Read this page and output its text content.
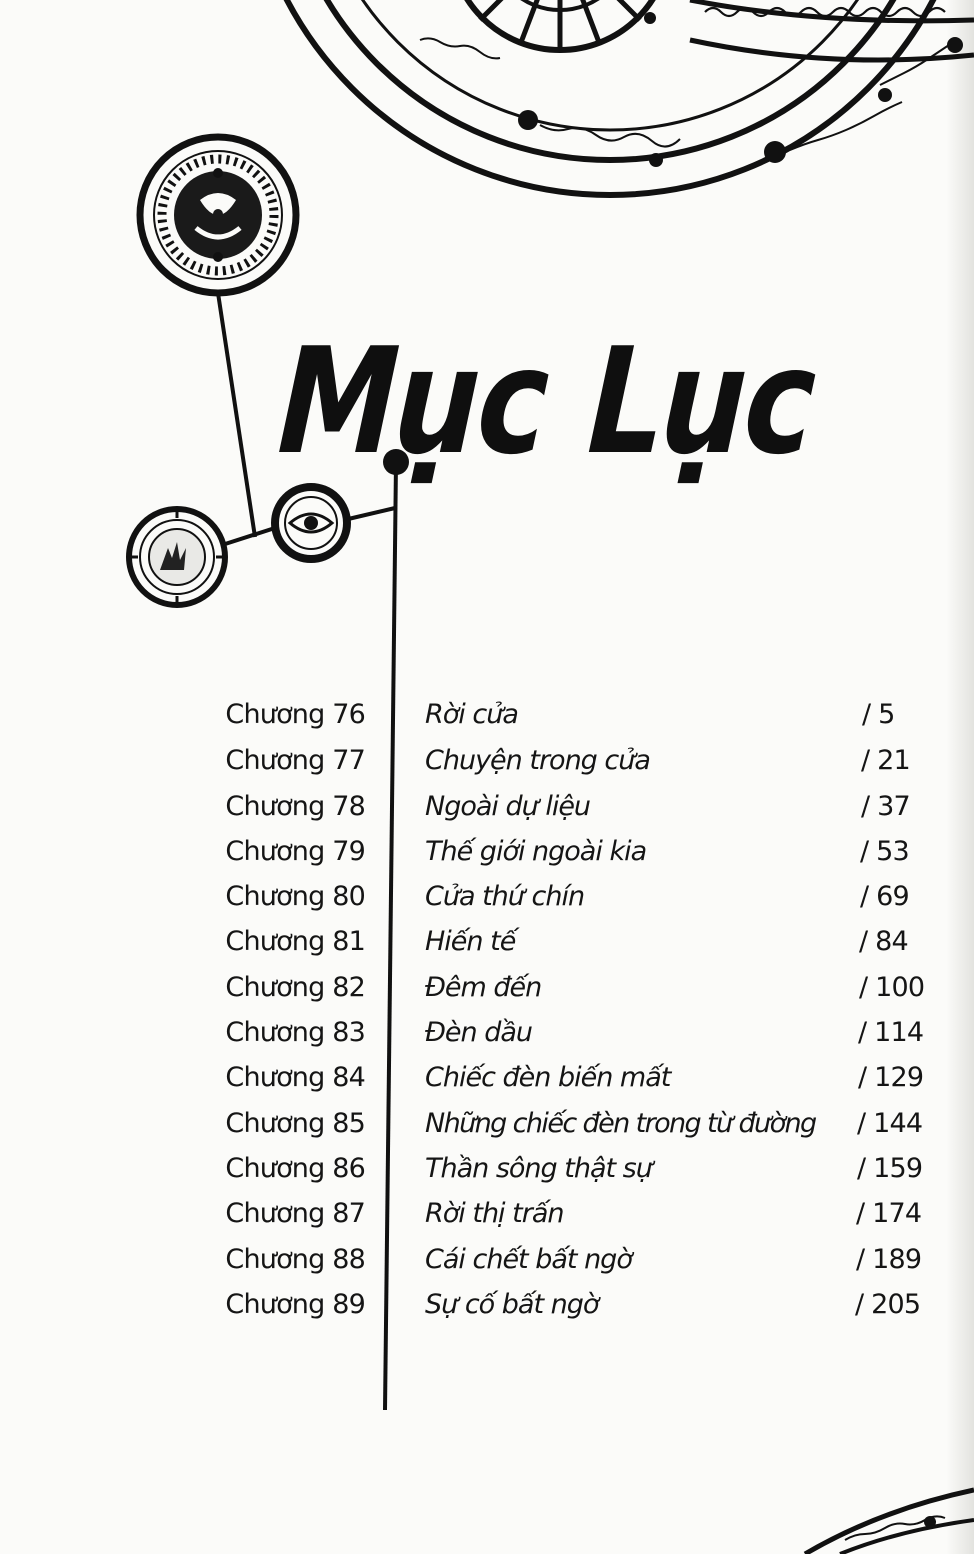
Mục Lục
Chương 76 Rời cửa	/ 5
Chương 77 Chuyện trong cửa	/ 21
Chương 78 Ngoài dự liệu	/ 37
Chương 79 Thế giới ngoài kia	/ 53
Chương 80 Cửa thứ chín	/ 69
Chương 81 Hiến tế	/ 84
Chương 82 Đêm đến	/ 100
Chương 83 Đèn dầu	/ 114
Chương 84 Chiếc đèn biến mất	/ 129
Chương 85 Những chiếc đèn trong từ đường	/ 144
Chương 86 Thần sông thật sự	/ 159
Chương 87 Rời thị trấn	/ 174
Chương 88 Cái chết bất ngờ	/ 189
Chương 89 Sự cố bất ngờ	/ 205
